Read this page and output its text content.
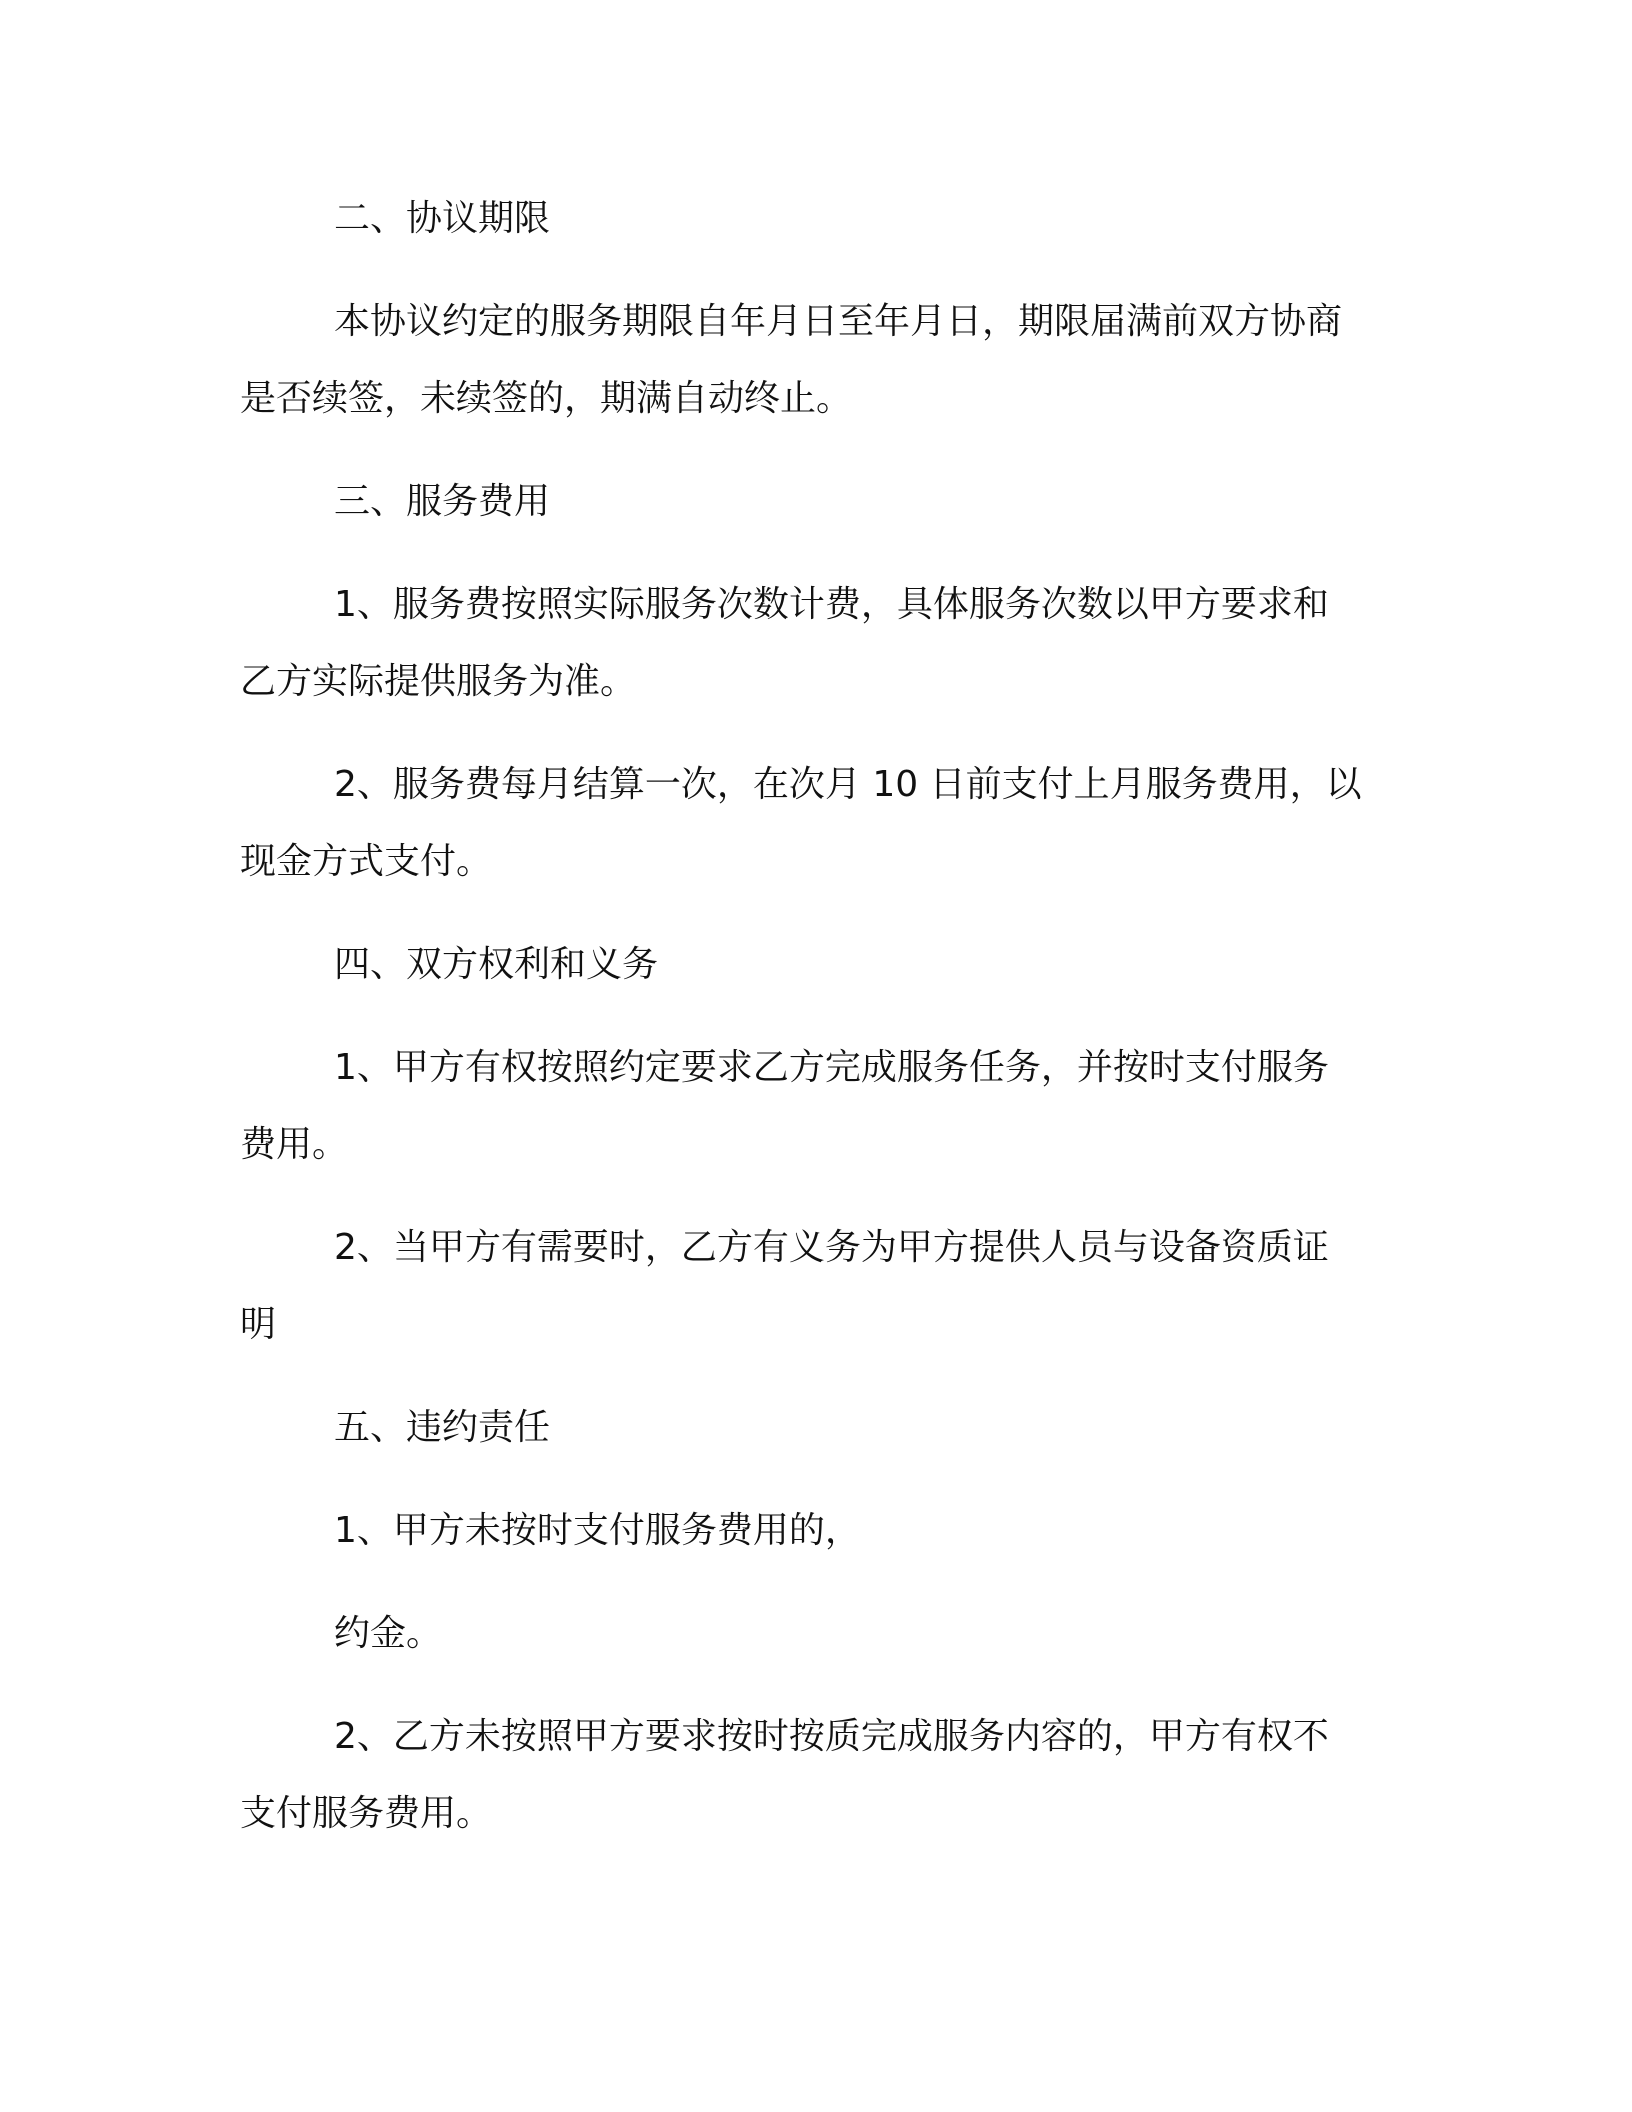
二、协议期限
本协议约定的服务期限自年月日至年月日，期限届满前双方协商
是否续签，未续签的，期满自动终止。
三、服务费用
1、服务费按照实际服务次数计费，具体服务次数以甲方要求和
乙方实际提供服务为准。
2、服务费每月结算一次，在次月 10 日前支付上月服务费用，以
现金方式支付。
四、双方权利和义务
1、甲方有权按照约定要求乙方完成服务任务，并按时支付服务
费用。
2、当甲方有需要时，乙方有义务为甲方提供人员与设备资质证
明
五、违约责任
1、甲方未按时支付服务费用的，
约金。
2、乙方未按照甲方要求按时按质完成服务内容的，甲方有权不
支付服务费用。
